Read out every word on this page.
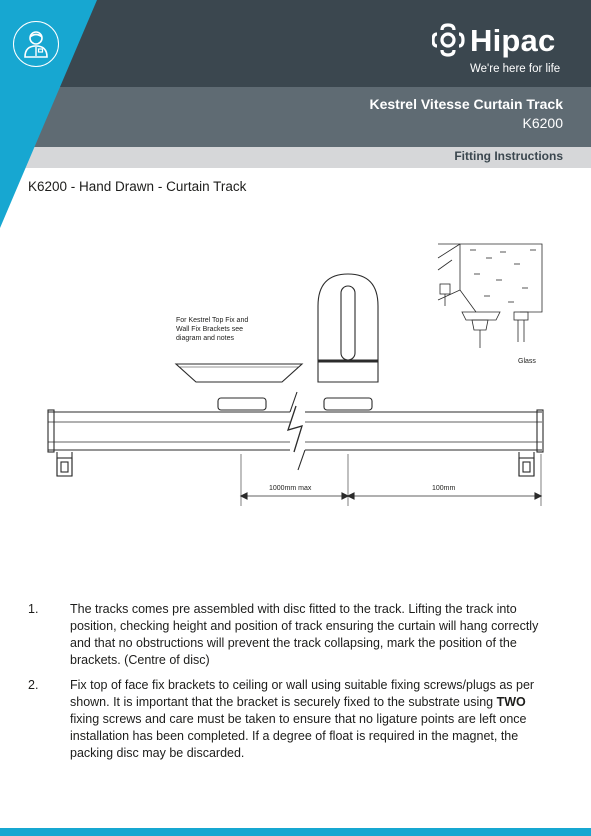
Hipac
We're here for life
Kestrel Vitesse Curtain Track
K6200
Fitting Instructions
K6200 - Hand Drawn - Curtain Track
For Kestrel Top Fix and
Wall Fix Brackets see
diagram and notes
Glass
1000mm max	100mm
1.	The tracks comes pre assembled with disc fitted to the track. Lifting the track into position, checking height and position of track ensuring the curtain will hang correctly and that no obstructions will prevent the track collapsing, mark the position of the brackets. (Centre of disc)
2.	Fix top of face fix brackets to ceiling or wall using suitable fixing screws/plugs as per shown. It is important that the bracket is securely fixed to the substrate using TWO fixing screws and care must be taken to ensure that no ligature points are left once installation has been completed. If a degree of float is required in the magnet, the packing disc may be discarded.
